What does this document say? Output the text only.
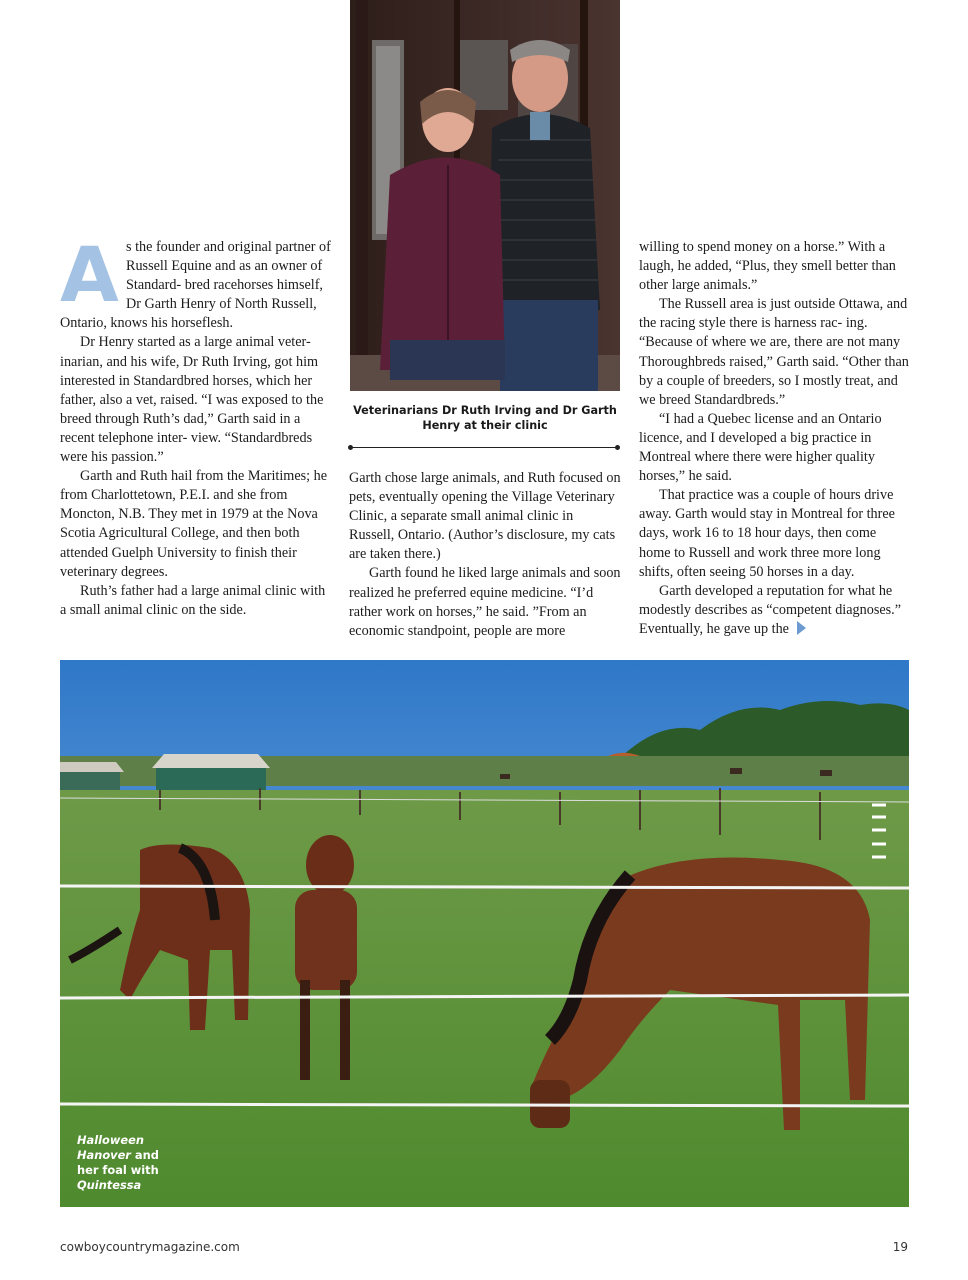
Veterinarians Dr Ruth Irving and Dr Garth Henry at their clinic
A s the founder and original partner of Russell Equine and as an owner of Standard- bred racehorses himself, Dr Garth Henry of North Russell, Ontario, knows his horseflesh.

Dr Henry started as a large animal veter- inarian, and his wife, Dr Ruth Irving, got him interested in Standardbred horses, which her father, also a vet, raised. “I was exposed to the breed through Ruth’s dad,” Garth said in a recent telephone inter- view. “Standardbreds were his passion.”

Garth and Ruth hail from the Maritimes; he from Charlottetown, P.E.I. and she from Moncton, N.B. They met in 1979 at the Nova Scotia Agricultural College, and then both attended Guelph University to finish their veterinary degrees.

Ruth’s father had a large animal clinic with a small animal clinic on the side.

Garth chose large animals, and Ruth focused on pets, eventually opening the Village Veterinary Clinic, a separate small animal clinic in Russell, Ontario. (Author’s disclosure, my cats are taken there.)

Garth found he liked large animals and soon realized he preferred equine medicine. “I’d rather work on horses,” he said. ”From an economic standpoint, people are more

willing to spend money on a horse.” With a laugh, he added, “Plus, they smell better than other large animals.”

The Russell area is just outside Ottawa, and the racing style there is harness rac- ing. “Because of where we are, there are not many Thoroughbreds raised,” Garth said. “Other than by a couple of breeders, so I mostly treat, and we breed Standardbreds.”

“I had a Quebec license and an Ontario licence, and I developed a big practice in Montreal where there were higher quality horses,” he said.

That practice was a couple of hours drive away. Garth would stay in Montreal for three days, work 16 to 18 hour days, then come home to Russell and work three more long shifts, often seeing 50 horses in a day.

Garth developed a reputation for what he modestly describes as “competent diagnoses.” Eventually, he gave up the

Halloween Hanover and her foal with Quintessa
cowboycountrymagazine.com	19
